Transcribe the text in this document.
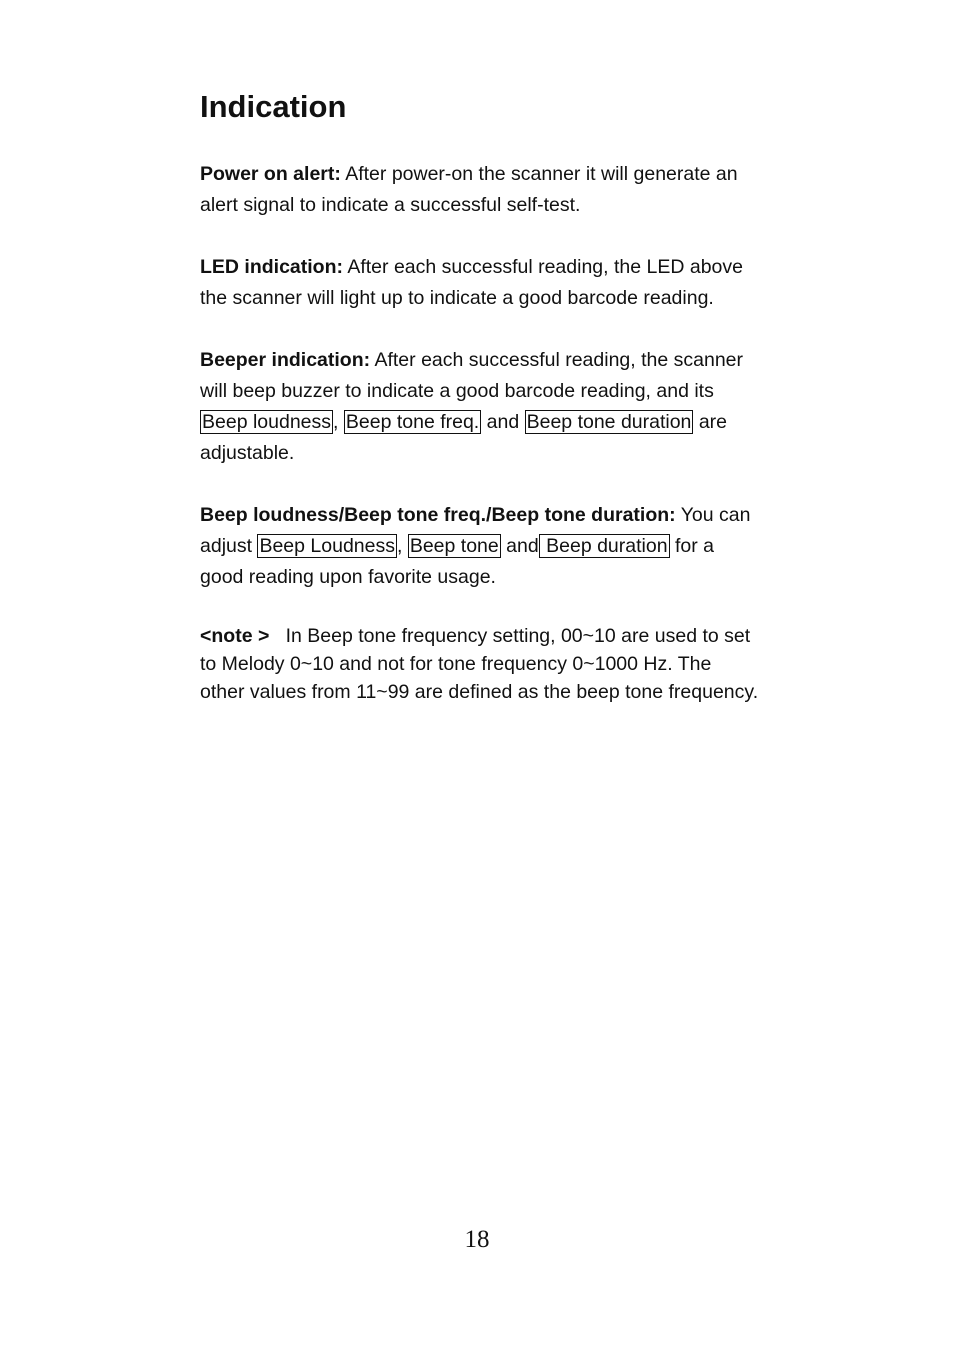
Indication

Power on alert: After power-on the scanner it will generate an alert signal to indicate a successful self-test.

LED indication: After each successful reading, the LED above the scanner will light up to indicate a good barcode reading.

Beeper indication: After each successful reading, the scanner will beep buzzer to indicate a good barcode reading, and its Beep loudness , Beep tone freq. and Beep tone duration are adjustable.

Beep loudness/Beep tone freq./Beep tone duration: You can adjust Beep Loudness , Beep tone and Beep duration for a good reading upon favorite usage.

<note >   In Beep tone frequency setting, 00~10 are used to set to Melody 0~10 and not for tone frequency 0~1000 Hz. The other values from 11~99 are defined as the beep tone frequency.

18
